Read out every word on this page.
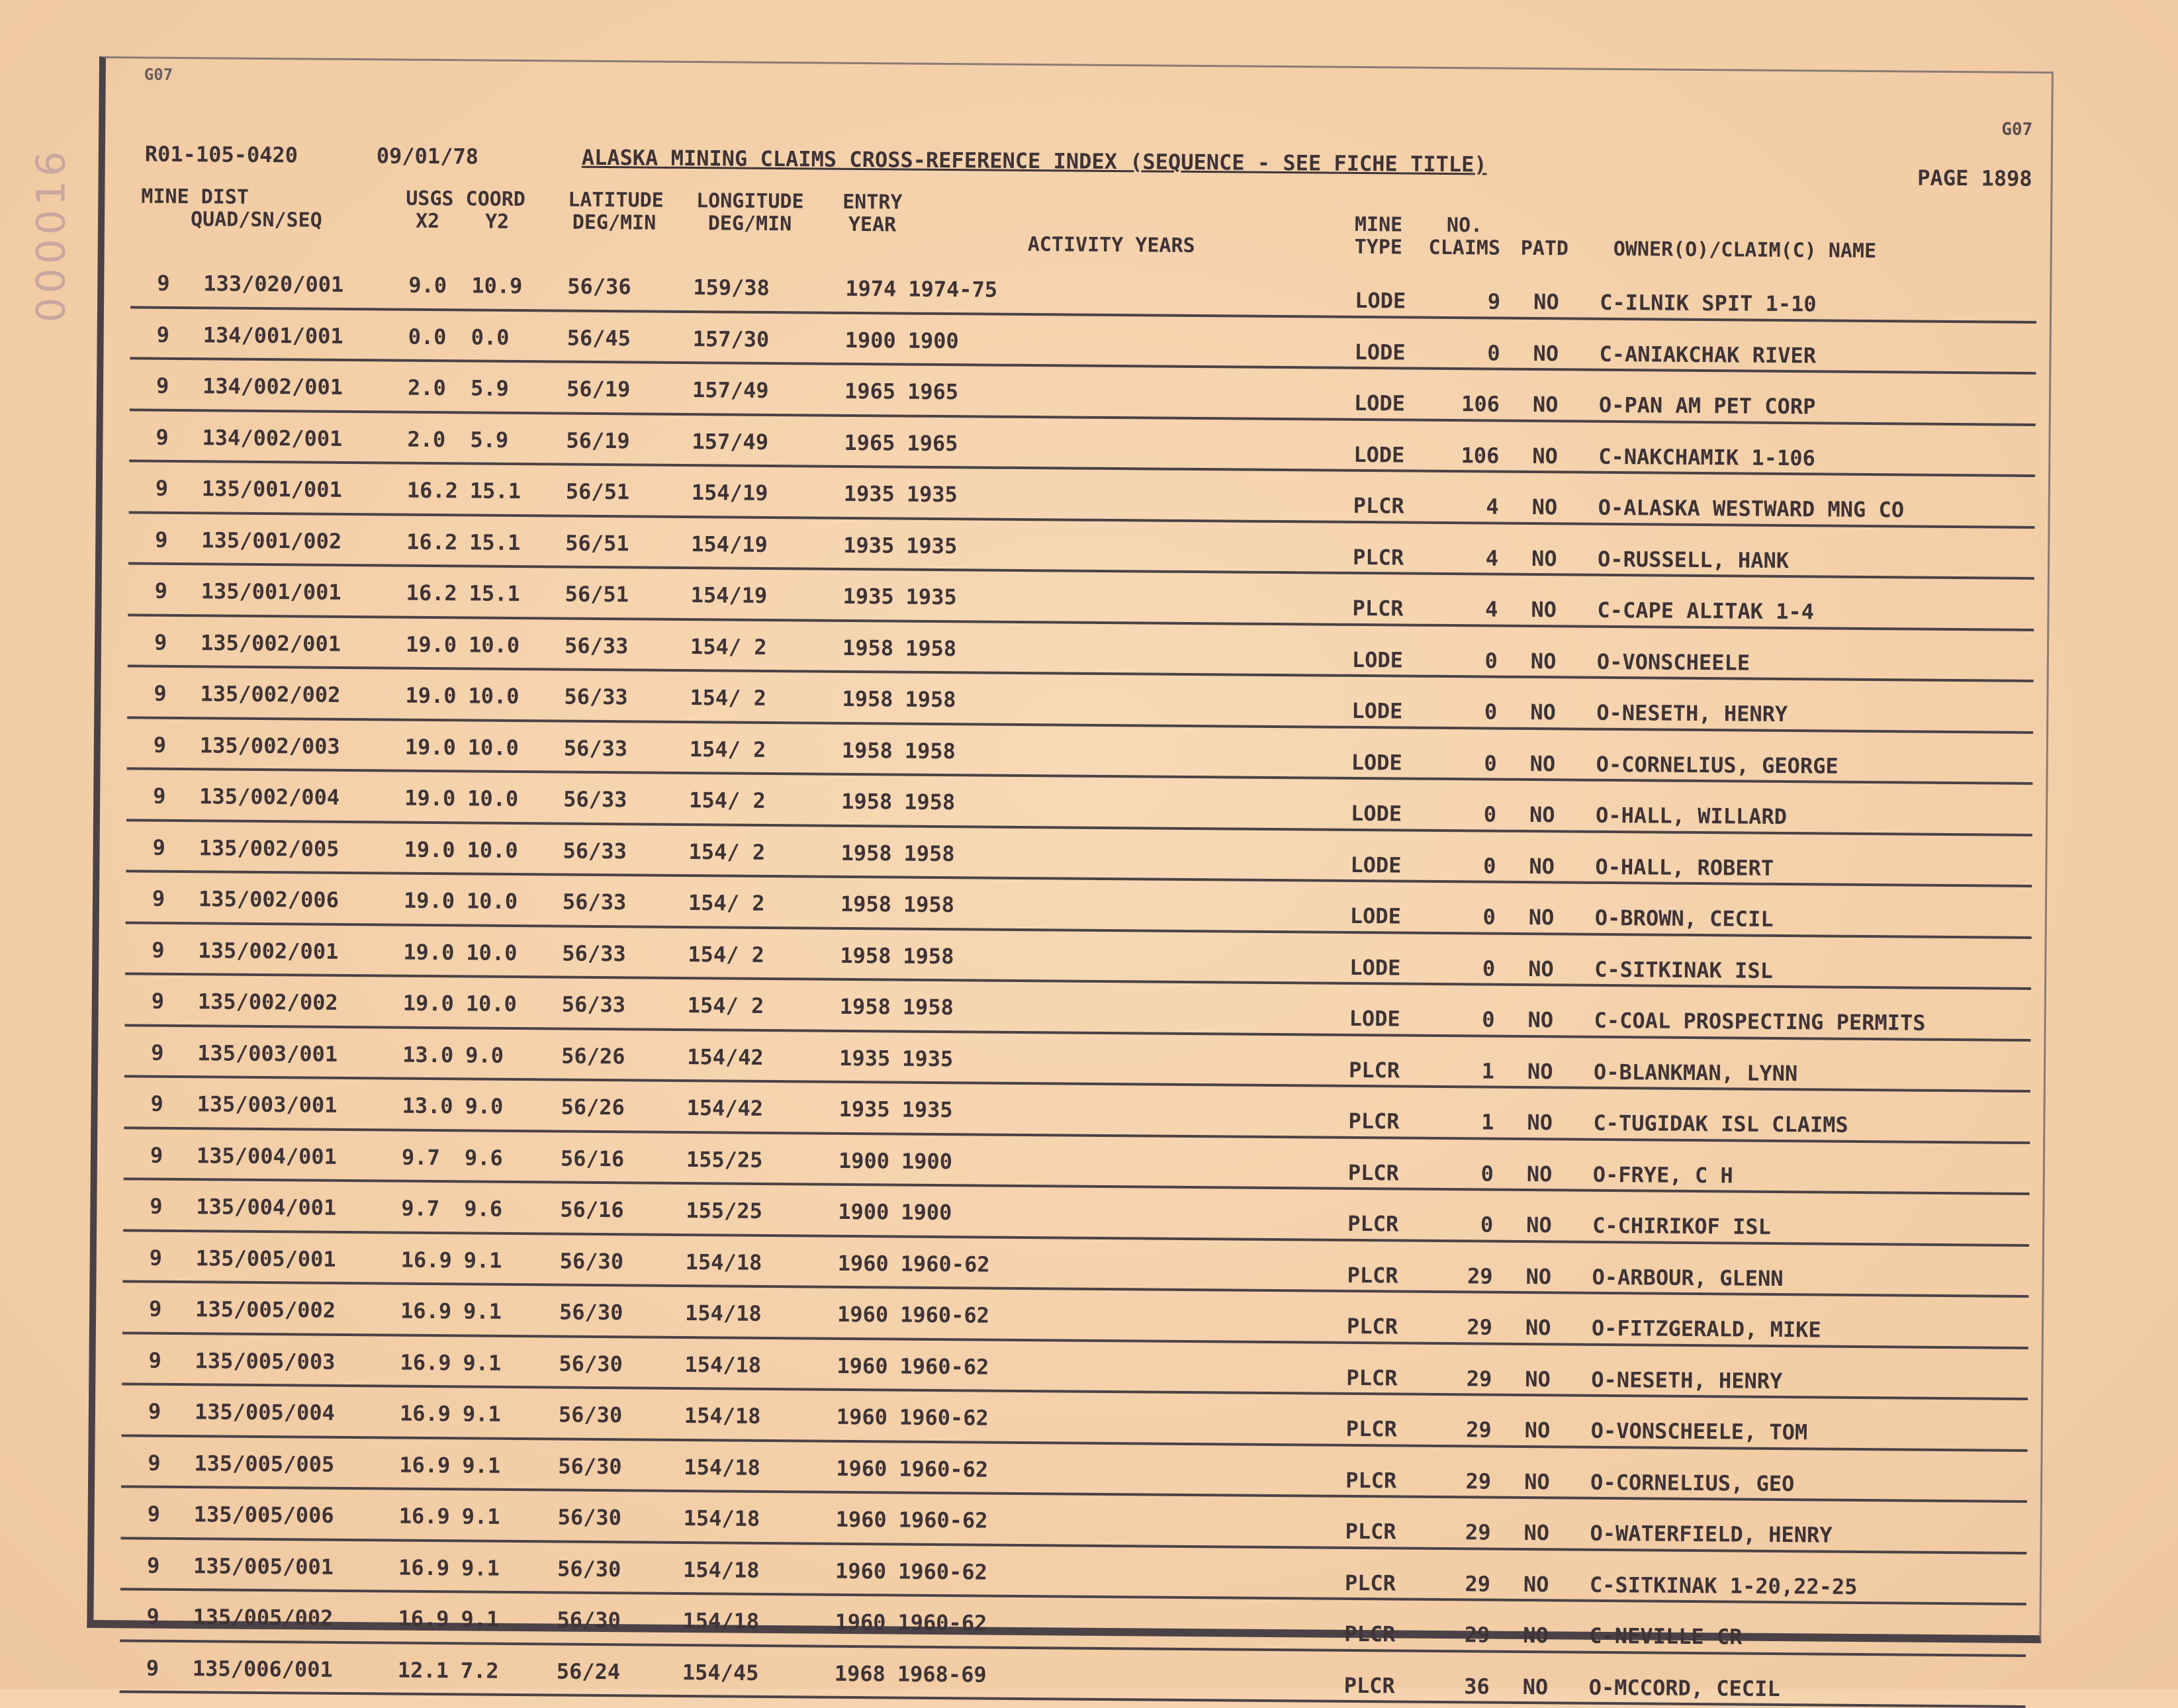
000016
G07
G07
R01-105-0420	09/01/78	ALASKA MINING CLAIMS CROSS-REFERENCE INDEX (SEQUENCE - SEE FICHE TITLE)
PAGE 1898
MINE DIST
QUAD/SN/SEQ
USGS COORD
X2 Y2
LATITUDE DEG/MIN
LONGITUDE DEG/MIN
ENTRY YEAR
ACTIVITY YEARS
MINE TYPE
NO. CLAIMS PATD OWNER(O)/CLAIM(C) NAME
9 133/020/001	9.0 10.9 56/36	159/38	1974 1974-75	LODE	9 NO C-ILNIK SPIT 1-10
9 134/001/001	0.0 0.0	56/45	157/30	1900 1900	LODE	0 NO C-ANIAKCHAK RIVER
9 134/002/001	2.0 5.9	56/19	157/49	1965 1965	LODE	106 NO O-PAN AM PET CORP
9 134/002/001	2.0 5.9	56/19	157/49	1965 1965	LODE	106 NO C-NAKCHAMIK 1-106
9 135/001/001	16.2 15.1 56/51	154/19	1935 1935	PLCR	4 NO O-ALASKA WESTWARD MNG CO
9 135/001/002	16.2 15.1 56/51	154/19	1935 1935	PLCR	4 NO O-RUSSELL, HANK
9 135/001/001	16.2 15.1 56/51	154/19	1935 1935	PLCR	4 NO C-CAPE ALITAK 1-4
9 135/002/001	19.0 10.0 56/33	154/ 2	1958 1958	LODE	0 NO O-VONSCHEELE
9 135/002/002	19.0 10.0 56/33	154/ 2	1958 1958	LODE	0 NO O-NESETH, HENRY
9 135/002/003	19.0 10.0 56/33	154/ 2	1958 1958	LODE	0 NO O-CORNELIUS, GEORGE
9 135/002/004	19.0 10.0 56/33	154/ 2	1958 1958	LODE	0 NO O-HALL, WILLARD
9 135/002/005	19.0 10.0 56/33	154/ 2	1958 1958	LODE	0 NO O-HALL, ROBERT
9 135/002/006	19.0 10.0 56/33	154/ 2	1958 1958	LODE	0 NO O-BROWN, CECIL
9 135/002/001	19.0 10.0 56/33	154/ 2	1958 1958	LODE	0 NO C-SITKINAK ISL
9 135/002/002	19.0 10.0 56/33	154/ 2	1958 1958	LODE	0 NO C-COAL PROSPECTING PERMITS
9 135/003/001	13.0 9.0	56/26	154/42	1935 1935	PLCR	1 NO O-BLANKMAN, LYNN
9 135/003/001	13.0 9.0	56/26	154/42	1935 1935	PLCR	1 NO C-TUGIDAK ISL CLAIMS
9 135/004/001	9.7 9.6	56/16	155/25	1900 1900	PLCR	0 NO O-FRYE, C H
9 135/004/001	9.7 9.6	56/16	155/25	1900 1900	PLCR	0 NO C-CHIRIKOF ISL
9 135/005/001	16.9 9.1	56/30	154/18	1960 1960-62	PLCR	29 NO O-ARBOUR, GLENN
9 135/005/002	16.9 9.1	56/30	154/18	1960 1960-62	PLCR	29 NO O-FITZGERALD, MIKE
9 135/005/003	16.9 9.1	56/30	154/18	1960 1960-62	PLCR	29 NO O-NESETH, HENRY
9 135/005/004	16.9 9.1	56/30	154/18	1960 1960-62	PLCR	29 NO O-VONSCHEELE, TOM
9 135/005/005	16.9 9.1	56/30	154/18	1960 1960-62	PLCR	29 NO O-CORNELIUS, GEO
9 135/005/006	16.9 9.1	56/30	154/18	1960 1960-62	PLCR	29 NO O-WATERFIELD, HENRY
9 135/005/001	16.9 9.1	56/30	154/18	1960 1960-62	PLCR	29 NO C-SITKINAK 1-20,22-25
9 135/005/002	16.9 9.1	56/30	154/18	1960 1960-62	PLCR	29 NO C-NEVILLE CR
9 135/006/001	12.1 7.2	56/24	154/45	1968 1968-69	PLCR	36 NO O-MCCORD, CECIL
